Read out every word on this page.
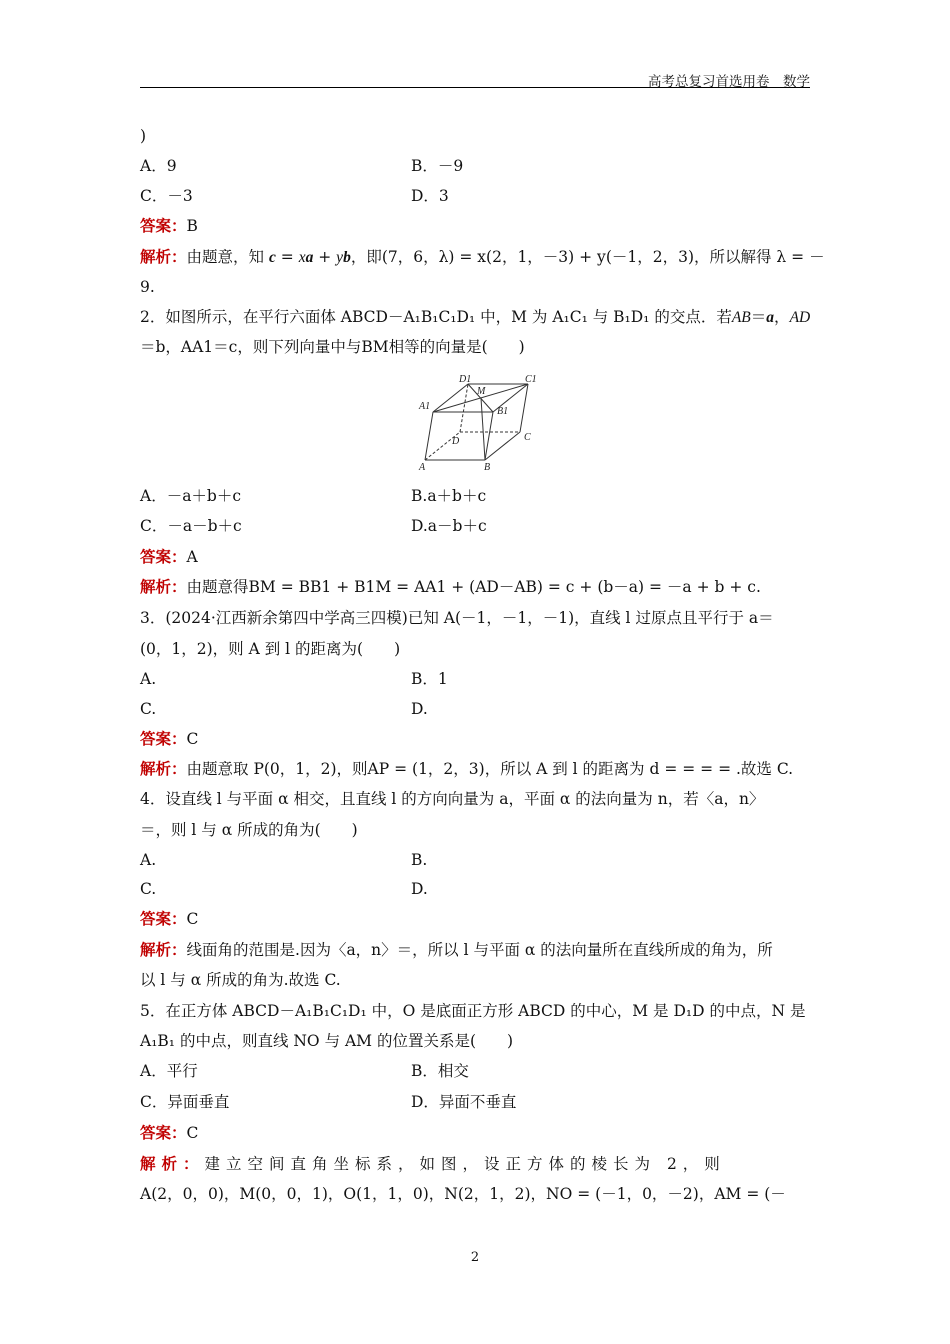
高考总复习首选用卷　数学
)
A．9	B．－9
C．－3	D．3
答案：B
解析：由题意，知 c = xa + yb，即(7，6，λ) = x(2，1，－3) + y(－1，2，3)，所以解得 λ = －
9.
2．如图所示，在平行六面体 ABCD－A₁B₁C₁D₁ 中，M 为 A₁C₁ 与 B₁D₁ 的交点．若AB＝a，AD
＝b，AA1＝c，则下列向量中与BM相等的向量是(　　)
D1
M
C1
A1	B1
D	C
A	B
A．－a＋b＋c	B.a＋b＋c
C．－a－b＋c	D.a－b＋c
答案：A
解析：由题意得BM = BB1 + B1M = AA1 + (AD－AB) = c + (b－a) = －a + b + c.
3．(2024·江西新余第四中学高三四模)已知 A(－1，－1，－1)，直线 l 过原点且平行于 a＝
(0，1，2)，则 A 到 l 的距离为(　　)
A.	B．1
C.	D.
答案：C
解析：由题意取 P(0，1，2)，则AP = (1，2，3)，所以 A 到 l 的距离为 d = = = = .故选 C.
4．设直线 l 与平面 α 相交，且直线 l 的方向向量为 a，平面 α 的法向量为 n，若〈a，n〉
＝，则 l 与 α 所成的角为(　　)
A.	B.
C.	D.
答案：C
解析：线面角的范围是.因为〈a，n〉＝，所以 l 与平面 α 的法向量所在直线所成的角为，所
以 l 与 α 所成的角为.故选 C.
5．在正方体 ABCD－A₁B₁C₁D₁ 中，O 是底面正方形 ABCD 的中心，M 是 D₁D 的中点，N 是
A₁B₁ 的中点，则直线 NO 与 AM 的位置关系是(　　)
A．平行	B．相交
C．异面垂直	D．异面不垂直
答案：C
解析：建立空间直角坐标系，如图，设正方体的棱长为 2，则
A(2，0，0)，M(0，0，1)，O(1，1，0)，N(2，1，2)，NO = (－1，0，－2)，AM = (－
2
